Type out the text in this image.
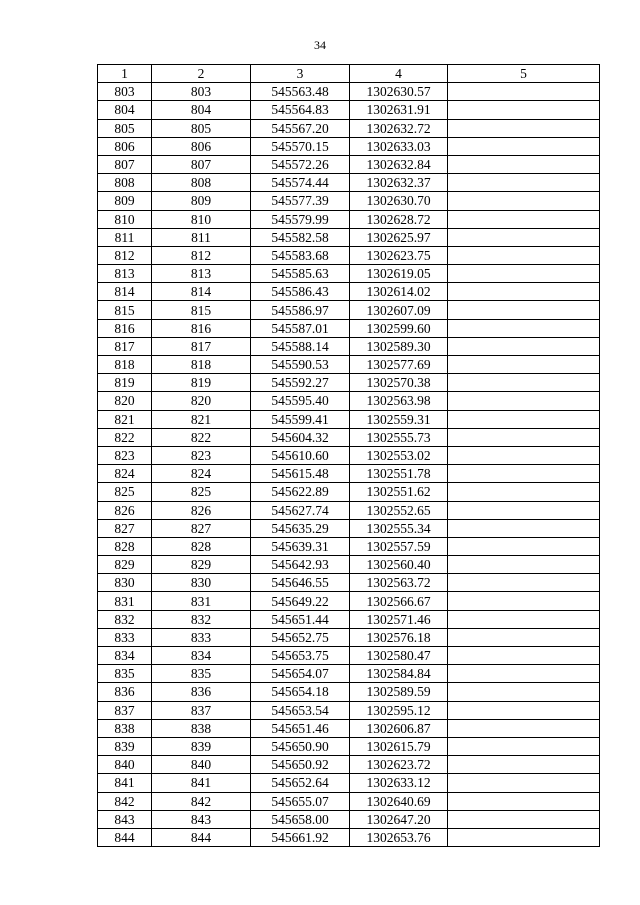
34
1	2	3	4	5
803	803	545563.48	1302630.57	
804	804	545564.83	1302631.91	
805	805	545567.20	1302632.72	
806	806	545570.15	1302633.03	
807	807	545572.26	1302632.84	
808	808	545574.44	1302632.37	
809	809	545577.39	1302630.70	
810	810	545579.99	1302628.72	
811	811	545582.58	1302625.97	
812	812	545583.68	1302623.75	
813	813	545585.63	1302619.05	
814	814	545586.43	1302614.02	
815	815	545586.97	1302607.09	
816	816	545587.01	1302599.60	
817	817	545588.14	1302589.30	
818	818	545590.53	1302577.69	
819	819	545592.27	1302570.38	
820	820	545595.40	1302563.98	
821	821	545599.41	1302559.31	
822	822	545604.32	1302555.73	
823	823	545610.60	1302553.02	
824	824	545615.48	1302551.78	
825	825	545622.89	1302551.62	
826	826	545627.74	1302552.65	
827	827	545635.29	1302555.34	
828	828	545639.31	1302557.59	
829	829	545642.93	1302560.40	
830	830	545646.55	1302563.72	
831	831	545649.22	1302566.67	
832	832	545651.44	1302571.46	
833	833	545652.75	1302576.18	
834	834	545653.75	1302580.47	
835	835	545654.07	1302584.84	
836	836	545654.18	1302589.59	
837	837	545653.54	1302595.12	
838	838	545651.46	1302606.87	
839	839	545650.90	1302615.79	
840	840	545650.92	1302623.72	
841	841	545652.64	1302633.12	
842	842	545655.07	1302640.69	
843	843	545658.00	1302647.20	
844	844	545661.92	1302653.76	
